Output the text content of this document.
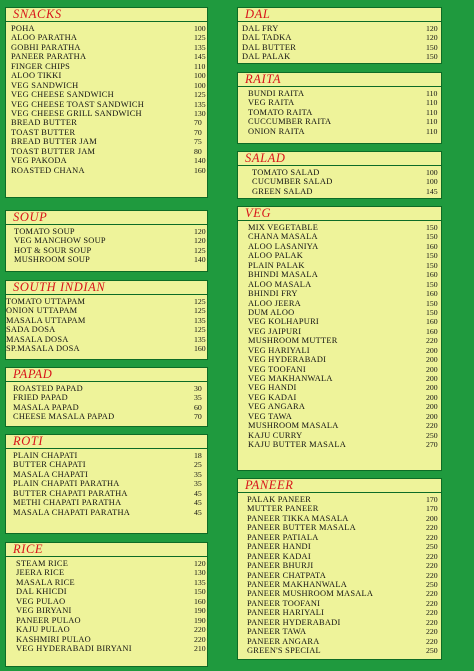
SNACKS
POHA	100
ALOO PARATHA	125
GOBHI PARATHA	135
PANEER PARATHA	145
FINGER CHIPS	110
ALOO TIKKI	100
VEG SANDWICH	100
VEG CHEESE SANDWICH	125
VEG CHEESE TOAST SANDWICH	135
VEG CHEESE GRILL SANDWICH	130
BREAD BUTTER	70
TOAST BUTTER	70
BREAD BUTTER JAM	75
TOAST BUTTER JAM	80
VEG PAKODA	140
ROASTED CHANA	160
SOUP
TOMATO SOUP	120
VEG MANCHOW SOUP	120
HOT & SOUR SOUP	125
MUSHROOM SOUP	140
SOUTH INDIAN
TOMATO UTTAPAM	125
ONION UTTAPAM	125
MASALA UTTAPAM	135
SADA DOSA	125
MASALA DOSA	135
SP.MASALA DOSA	160
PAPAD
ROASTED PAPAD	30
FRIED PAPAD	35
MASALA PAPAD	60
CHEESE MASALA PAPAD	70
ROTI
PLAIN CHAPATI	18
BUTTER CHAPATI	25
MASALA CHAPATI	35
PLAIN CHAPATI PARATHA	35
BUTTER CHAPATI PARATHA	45
METHI CHAPATI PARATHA	45
MASALA CHAPATI PARATHA	45
RICE
STEAM RICE	120
JEERA RICE	130
MASALA RICE	135
DAL KHICDI	150
VEG PULAO	160
VEG BIRYANI	190
PANEER PULAO	190
KAJU PULAO	220
KASHMIRI PULAO	220
VEG HYDERABADI BIRYANI	210
DAL
DAL FRY	120
DAL TADKA	120
DAL BUTTER	150
DAL PALAK	150
RAITA
BUNDI RAITA	110
VEG RAITA	110
TOMATO RAITA	110
CUCCUMBER RAITA	110
ONION RAITA	110
SALAD
TOMATO SALAD	100
CUCUMBER SALAD	100
GREEN SALAD	145
VEG
MIX VEGETABLE	150
CHANA MASALA	150
ALOO LASANIYA	160
ALOO PALAK	150
PLAIN PALAK	150
BHINDI MASALA	160
ALOO MASALA	150
BHINDI FRY	160
ALOO JEERA	150
DUM ALOO	150
VEG KOLHAPURI	160
VEG JAIPURI	160
MUSHROOM MUTTER	220
VEG HARIYALI	200
VEG HYDERABADI	200
VEG TOOFANI	200
VEG MAKHANWALA	200
VEG HANDI	200
VEG KADAI	200
VEG ANGARA	200
VEG TAWA	200
MUSHROOM MASALA	220
KAJU CURRY	250
KAJU BUTTER MASALA	270
PANEER
PALAK PANEER	170
MUTTER PANEER	170
PANEER TIKKA MASALA	200
PANEER BUTTER MASALA	220
PANEER PATIALA	220
PANEER HANDI	250
PANEER KADAI	220
PANEER BHURJI	220
PANEER CHATPATA	220
PANEER MAKHANWALA	250
PANEER MUSHROOM MASALA	220
PANEER TOOFANI	220
PANEER HARIYALI	220
PANEER HYDERABADI	220
PANEER TAWA	220
PANEER ANGARA	220
GREEN'S SPECIAL	250
